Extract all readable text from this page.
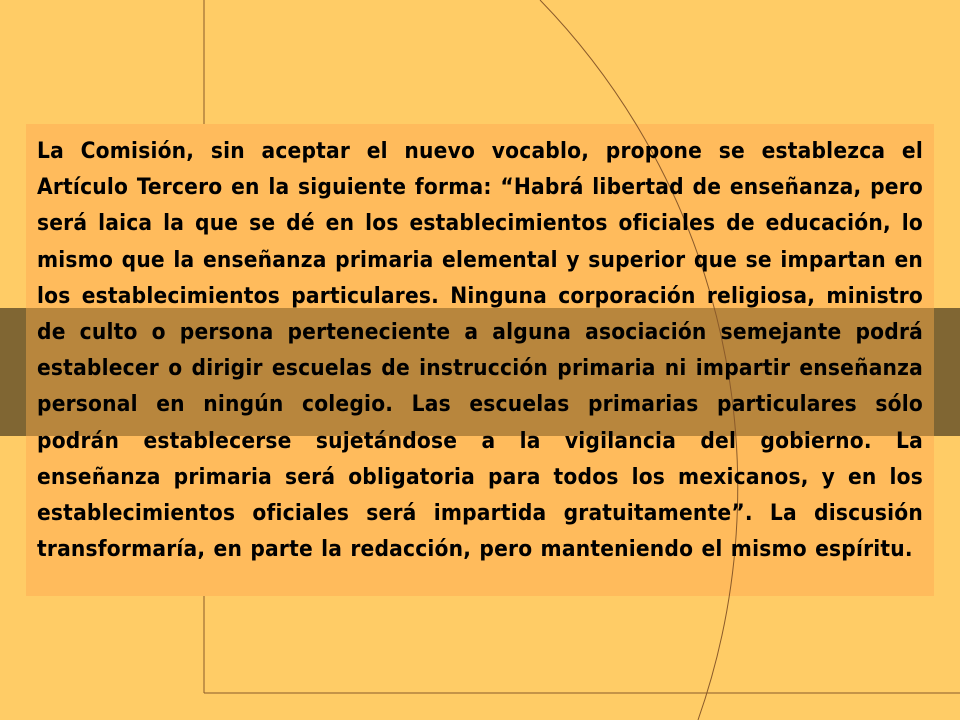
La Comisión, sin aceptar el nuevo vocablo, propone se establezca el Artículo Tercero en la siguiente forma: “Habrá libertad de enseñanza, pero será laica la que se dé en los establecimientos oficiales de educación, lo mismo que la enseñanza primaria elemental y superior que se impartan en los establecimientos particulares. Ninguna corporación religiosa, ministro de culto o persona perteneciente a alguna asociación semejante podrá establecer o dirigir escuelas de instrucción primaria ni impartir enseñanza personal en ningún colegio. Las escuelas primarias particulares sólo podrán establecerse sujetándose a la vigilancia del gobierno. La enseñanza primaria será obligatoria para todos los mexicanos, y en los establecimientos oficiales será impartida gratuitamente”. La discusión transformaría, en parte la redacción, pero manteniendo el mismo espíritu.
